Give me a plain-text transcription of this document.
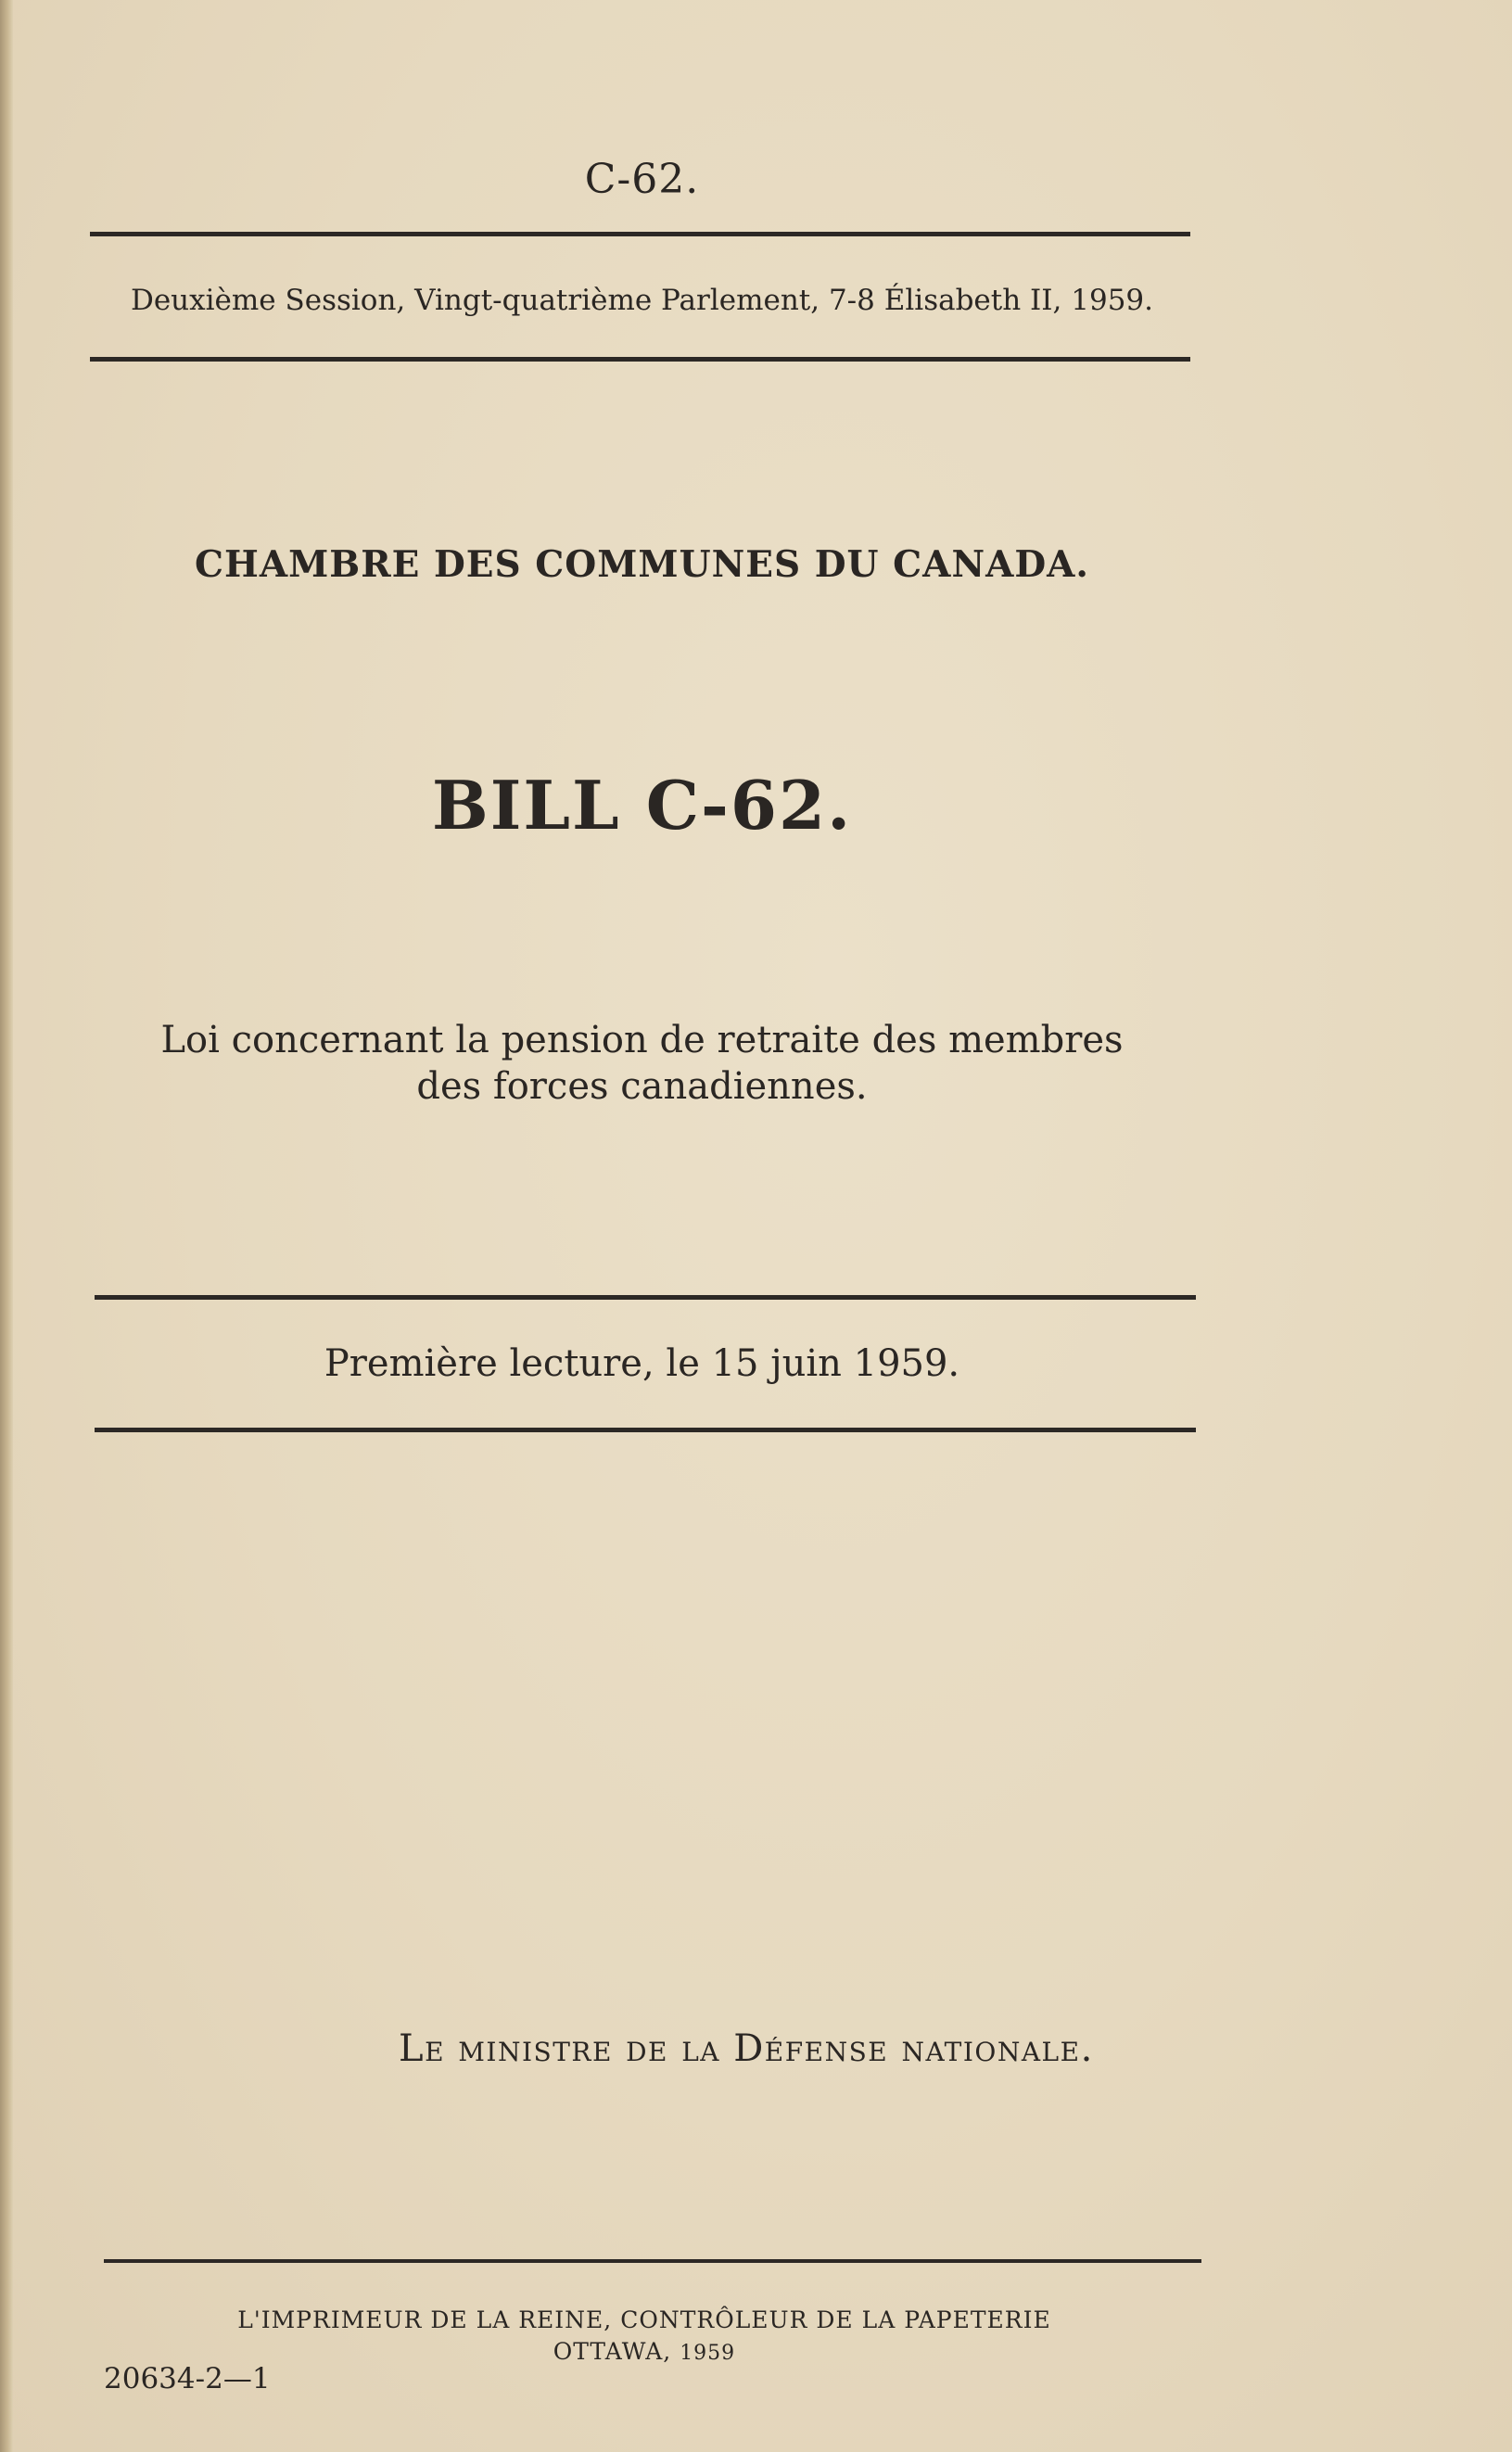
C-62.
Deuxième Session, Vingt-quatrième Parlement, 7-8 Élisabeth II, 1959.
CHAMBRE DES COMMUNES DU CANADA.
BILL C-62.
Loi concernant la pension de retraite des membres
des forces canadiennes.
Première lecture, le 15 juin 1959.
Le ministre de la Défense nationale.
L'IMPRIMEUR DE LA REINE, CONTRÔLEUR DE LA PAPETERIE
OTTAWA, 1959
20634-2—1
